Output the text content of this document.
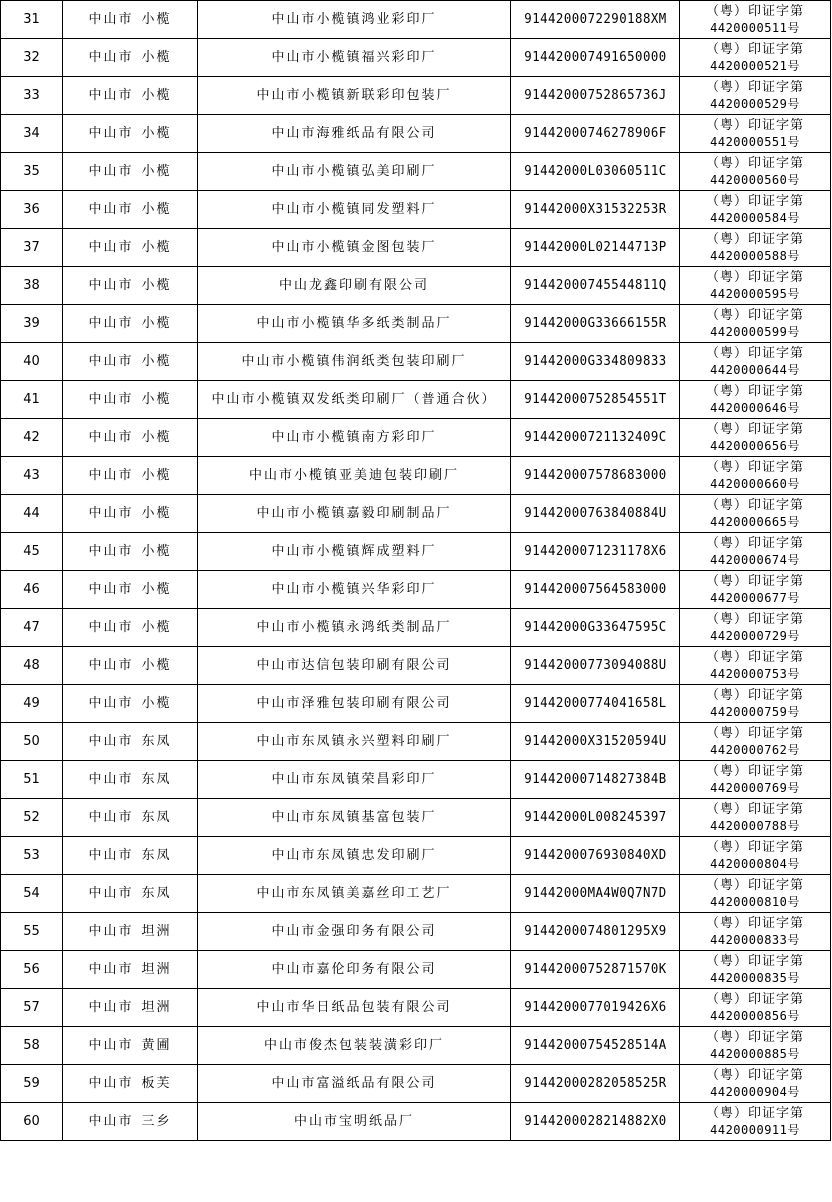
31	中山市 小榄	中山市小榄镇鸿业彩印厂	9144200072290188XM	（粤）印证字第
4420000511号

32	中山市 小榄	中山市小榄镇福兴彩印厂	914420007491650000	（粤）印证字第
4420000521号

33	中山市 小榄	中山市小榄镇新联彩印包装厂	91442000752865736J	（粤）印证字第
4420000529号

34	中山市 小榄	中山市海雅纸品有限公司	91442000746278906F	（粤）印证字第
4420000551号

35	中山市 小榄	中山市小榄镇弘美印刷厂	91442000L03060511C	（粤）印证字第
4420000560号

36	中山市 小榄	中山市小榄镇同发塑料厂	91442000X31532253R	（粤）印证字第
4420000584号

37	中山市 小榄	中山市小榄镇金图包装厂	91442000L02144713P	（粤）印证字第
4420000588号

38	中山市 小榄	中山龙鑫印刷有限公司	91442000745544811Q	（粤）印证字第
4420000595号

39	中山市 小榄	中山市小榄镇华多纸类制品厂	91442000G33666155R	（粤）印证字第
4420000599号

40	中山市 小榄	中山市小榄镇伟润纸类包装印刷厂	91442000G334809833	（粤）印证字第
4420000644号

41	中山市 小榄	中山市小榄镇双发纸类印刷厂（普通合伙）	91442000752854551T	（粤）印证字第
4420000646号

42	中山市 小榄	中山市小榄镇南方彩印厂	91442000721132409C	（粤）印证字第
4420000656号

43	中山市 小榄	中山市小榄镇亚美迪包装印刷厂	914420007578683000	（粤）印证字第
4420000660号

44	中山市 小榄	中山市小榄镇嘉毅印刷制品厂	91442000763840884U	（粤）印证字第
4420000665号

45	中山市 小榄	中山市小榄镇辉成塑料厂	9144200071231178X6	（粤）印证字第
4420000674号

46	中山市 小榄	中山市小榄镇兴华彩印厂	914420007564583000	（粤）印证字第
4420000677号

47	中山市 小榄	中山市小榄镇永鸿纸类制品厂	91442000G33647595C	（粤）印证字第
4420000729号

48	中山市 小榄	中山市达信包装印刷有限公司	91442000773094088U	（粤）印证字第
4420000753号

49	中山市 小榄	中山市泽雅包装印刷有限公司	91442000774041658L	（粤）印证字第
4420000759号

50	中山市 东凤	中山市东凤镇永兴塑料印刷厂	91442000X31520594U	（粤）印证字第
4420000762号

51	中山市 东凤	中山市东凤镇荣昌彩印厂	91442000714827384B	（粤）印证字第
4420000769号

52	中山市 东凤	中山市东凤镇基富包装厂	91442000L008245397	（粤）印证字第
4420000788号

53	中山市 东凤	中山市东凤镇忠发印刷厂	9144200076930840XD	（粤）印证字第
4420000804号

54	中山市 东凤	中山市东凤镇美嘉丝印工艺厂	91442000MA4W0Q7N7D	（粤）印证字第
4420000810号

55	中山市 坦洲	中山市金强印务有限公司	9144200074801295X9	（粤）印证字第
4420000833号

56	中山市 坦洲	中山市嘉伦印务有限公司	91442000752871570K	（粤）印证字第
4420000835号

57	中山市 坦洲	中山市华日纸品包装有限公司	9144200077019426X6	（粤）印证字第
4420000856号

58	中山市 黄圃	中山市俊杰包装装潢彩印厂	91442000754528514A	（粤）印证字第
4420000885号

59	中山市 板芙	中山市富溢纸品有限公司	91442000282058525R	（粤）印证字第
4420000904号

60	中山市 三乡	中山市宝明纸品厂	9144200028214882X0	（粤）印证字第
4420000911号
